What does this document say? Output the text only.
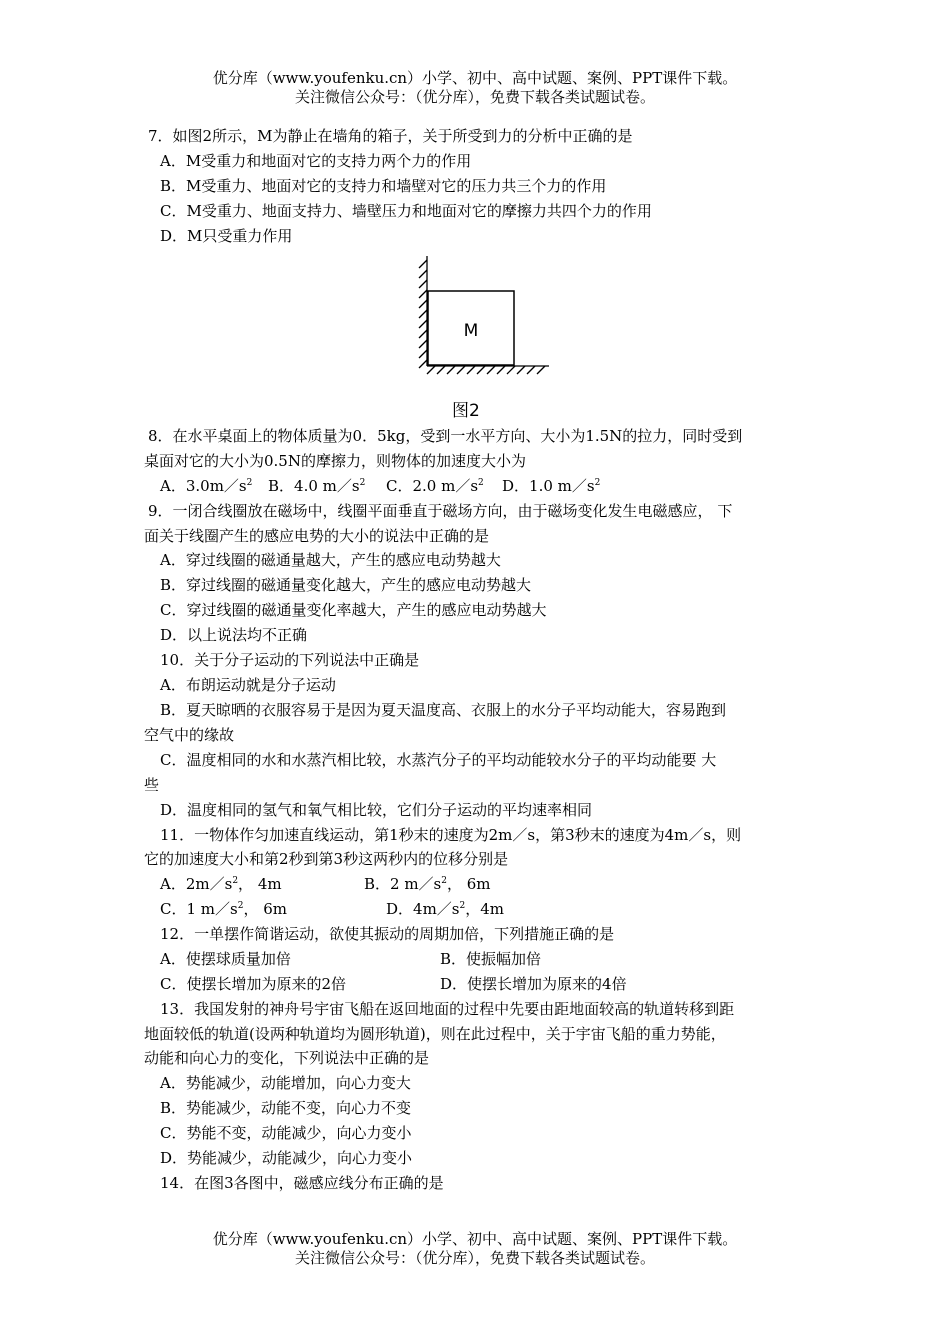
优分库（www.youfenku.cn）小学、初中、高中试题、案例、PPT课件下载。
关注微信公众号：（优分库），免费下载各类试题试卷。
7．如图2所示，M为静止在墙角的箱子，关于所受到力的分析中正确的是
A．M受重力和地面对它的支持力两个力的作用
B．M受重力、地面对它的支持力和墙壁对它的压力共三个力的作用
C．M受重力、地面支持力、墙壁压力和地面对它的摩擦力共四个力的作用
D．M只受重力作用
M
图2
8．在水平桌面上的物体质量为0．5kg，受到一水平方向、大小为1.5N的拉力，同时受到
桌面对它的大小为0.5N的摩擦力，则物体的加速度大小为
A．$3.0m/s^2$ B．4.0 $m/s^2$ C．2.0 $m/s^2$ D．1.0 $m/s^2$
9．一闭合线圈放在磁场中，线圈平面垂直于磁场方向，由于磁场变化发生电磁感应， 下
面关于线圈产生的感应电势的大小的说法中正确的是
A．穿过线圈的磁通量越大，产生的感应电动势越大
B．穿过线圈的磁通量变化越大，产生的感应电动势越大
C．穿过线圈的磁通量变化率越大，产生的感应电动势越大
D．以上说法均不正确
10．关于分子运动的下列说法中正确是
A．布朗运动就是分子运动
B．夏天晾晒的衣服容易于是因为夏天温度高、衣服上的水分子平均动能大，容易跑到
空气中的缘故
C．温度相同的水和水蒸汽相比较，水蒸汽分子的平均动能较水分子的平均动能要 大
些
D．温度相同的氢气和氧气相比较，它们分子运动的平均速率相同
11．一物体作匀加速直线运动，第1秒末的速度为2m／s，第3秒末的速度为4m／s，则
它的加速度大小和第2秒到第3秒这两秒内的位移分别是
A．$2m/s^2$， 4m	B．2 $m/s^2$， 6m
C．1 $m/s^2$， 6m	D．$4m/s^2$，4m
12．一单摆作简谐运动，欲使其振动的周期加倍，下列措施正确的是
A．使摆球质量加倍	B．使振幅加倍
C．使摆长增加为原来的2倍	D．使摆长增加为原来的4倍
13．我国发射的神舟号宇宙飞船在返回地面的过程中先要由距地面较高的轨道转移到距
地面较低的轨道(设两种轨道均为圆形轨道)，则在此过程中，关于宇宙飞船的重力势能，
动能和向心力的变化，下列说法中正确的是
A．势能减少，动能增加，向心力变大
B．势能减少，动能不变，向心力不变
C．势能不变，动能减少，向心力变小
D．势能减少，动能减少，向心力变小
14．在图3各图中，磁感应线分布正确的是
优分库（www.youfenku.cn）小学、初中、高中试题、案例、PPT课件下载。
关注微信公众号：（优分库），免费下载各类试题试卷。
